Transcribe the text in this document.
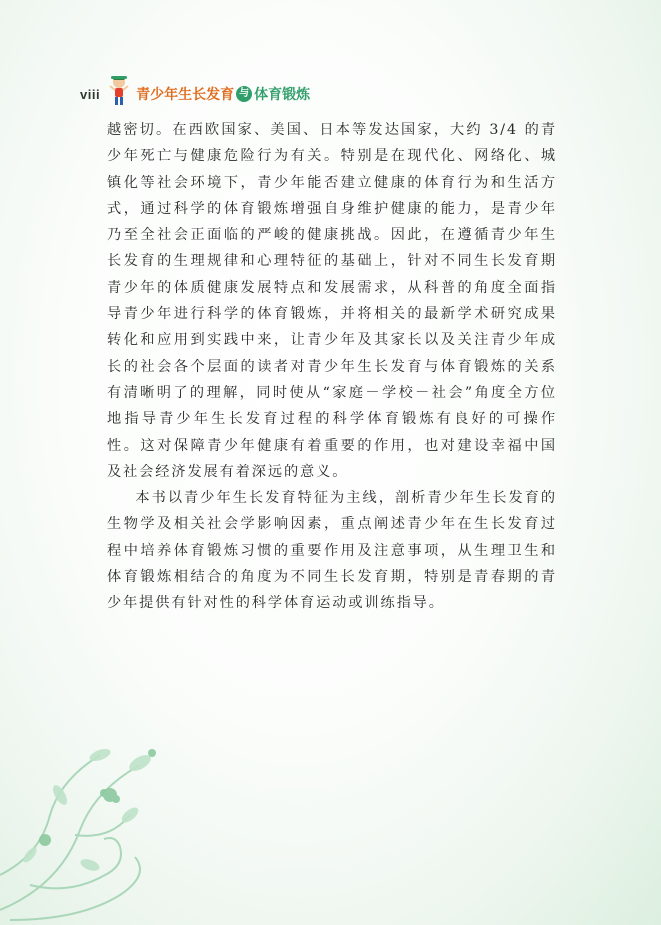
viii	青少年生长发育 与 体育锻炼

越密切。在西欧国家、美国、日本等发达国家，大约 3/4 的青少年死亡与健康危险行为有关。特别是在现代化、网络化、城镇化等社会环境下，青少年能否建立健康的体育行为和生活方式，通过科学的体育锻炼增强自身维护健康的能力，是青少年乃至全社会正面临的严峻的健康挑战。因此，在遵循青少年生长发育的生理规律和心理特征的基础上，针对不同生长发育期青少年的体质健康发展特点和发展需求，从科普的角度全面指导青少年进行科学的体育锻炼，并将相关的最新学术研究成果转化和应用到实践中来，让青少年及其家长以及关注青少年成长的社会各个层面的读者对青少年生长发育与体育锻炼的关系有清晰明了的理解，同时使从“家庭－学校－社会”角度全方位地指导青少年生长发育过程的科学体育锻炼有良好的可操作性。这对保障青少年健康有着重要的作用，也对建设幸福中国及社会经济发展有着深远的意义。

本书以青少年生长发育特征为主线，剖析青少年生长发育的生物学及相关社会学影响因素，重点阐述青少年在生长发育过程中培养体育锻炼习惯的重要作用及注意事项，从生理卫生和体育锻炼相结合的角度为不同生长发育期，特别是青春期的青少年提供有针对性的科学体育运动或训练指导。
